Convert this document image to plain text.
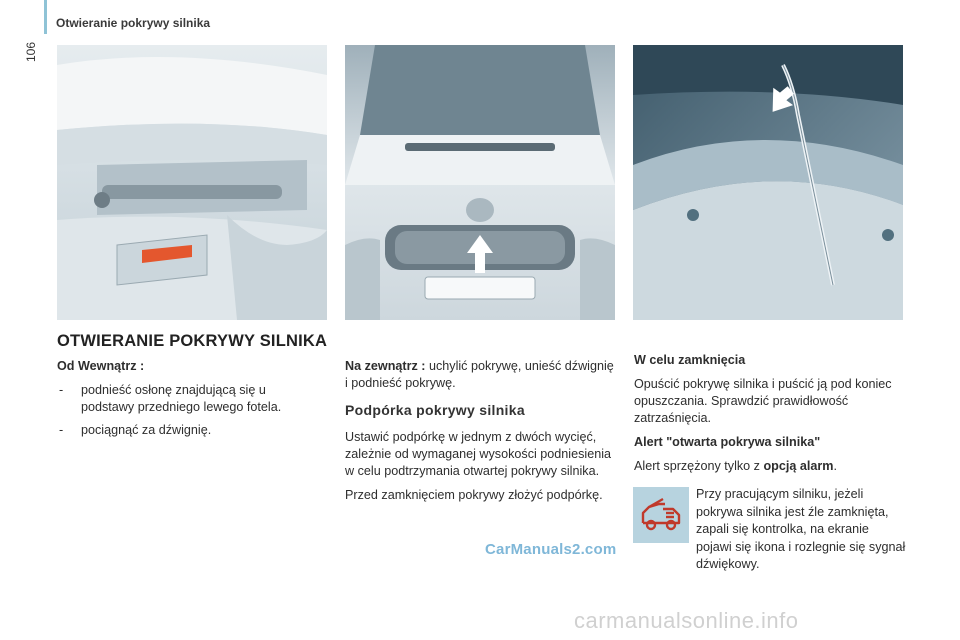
106
Otwieranie pokrywy silnika
OTWIERANIE POKRYWY SILNIKA

Od Wewnątrz :

- podnieść osłonę znajdującą się u podstawy przedniego lewego fotela.
- pociągnąć za dźwignię.

Na zewnątrz : uchylić pokrywę, unieść dźwignię i podnieść pokrywę.

Podpórka pokrywy silnika

Ustawić podpórkę w jednym z dwóch wycięć, zależnie od wymaganej wysokości podniesienia w celu podtrzymania otwartej pokrywy silnika.

Przed zamknięciem pokrywy złożyć podpórkę.

W celu zamknięcia

Opuścić pokrywę silnika i puścić ją pod koniec opuszczania. Sprawdzić prawidłowość zatrzaśnięcia.

Alert "otwarta pokrywa silnika"

Alert sprzężony tylko z opcją alarm.

Przy pracującym silniku, jeżeli pokrywa silnika jest źle zamknięta, zapali się kontrolka, na ekranie pojawi się ikona i rozlegnie się sygnał dźwiękowy.
CarManuals2.com
carmanualsonline.info
